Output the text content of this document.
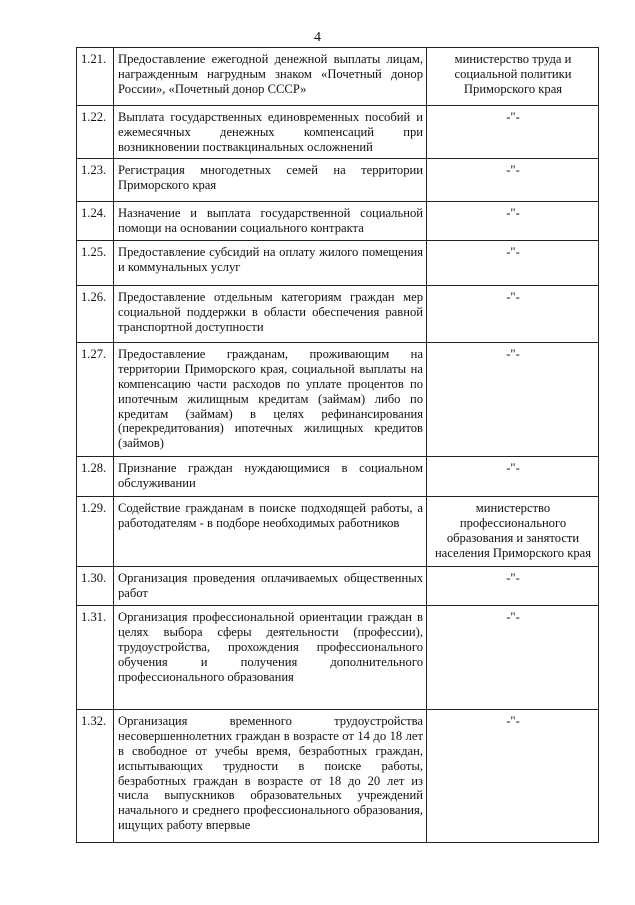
4
1.21.	Предоставление ежегодной денежной выплаты лицам, награжденным нагрудным знаком «Почетный донор России», «Почетный донор СССР»	министерство труда и социальной политики Приморского края
1.22.	Выплата государственных единовременных пособий и ежемесячных денежных компенсаций при возникновении поствакцинальных осложнений	-"-
1.23.	Регистрация многодетных семей на территории Приморского края	-"-
1.24.	Назначение и выплата государственной социальной помощи на основании социального контракта	-"-
1.25.	Предоставление субсидий на оплату жилого помещения и коммунальных услуг	-"-
1.26.	Предоставление отдельным категориям граждан мер социальной поддержки в области обеспечения равной транспортной доступности	-"-
1.27.	Предоставление гражданам, проживающим на территории Приморского края, социальной выплаты на компенсацию части расходов по уплате процентов по ипотечным жилищным кредитам (займам) либо по кредитам (займам) в целях рефинансирования (перекредитования) ипотечных жилищных кредитов (займов)	-"-
1.28.	Признание граждан нуждающимися в социальном обслуживании	-"-
1.29.	Содействие гражданам в поиске подходящей работы, а работодателям - в подборе необходимых работников	министерство профессионального образования и занятости населения Приморского края
1.30.	Организация проведения оплачиваемых общественных работ	-"-
1.31.	Организация профессиональной ориентации граждан в целях выбора сферы деятельности (профессии), трудоустройства, прохождения профессионального обучения и получения дополнительного профессионального образования	-"-
1.32.	Организация временного трудоустройства несовершеннолетних граждан в возрасте от 14 до 18 лет в свободное от учебы время, безработных граждан, испытывающих трудности в поиске работы, безработных граждан в возрасте от 18 до 20 лет из числа выпускников образовательных учреждений начального и среднего профессионального образования, ищущих работу впервые	-"-
